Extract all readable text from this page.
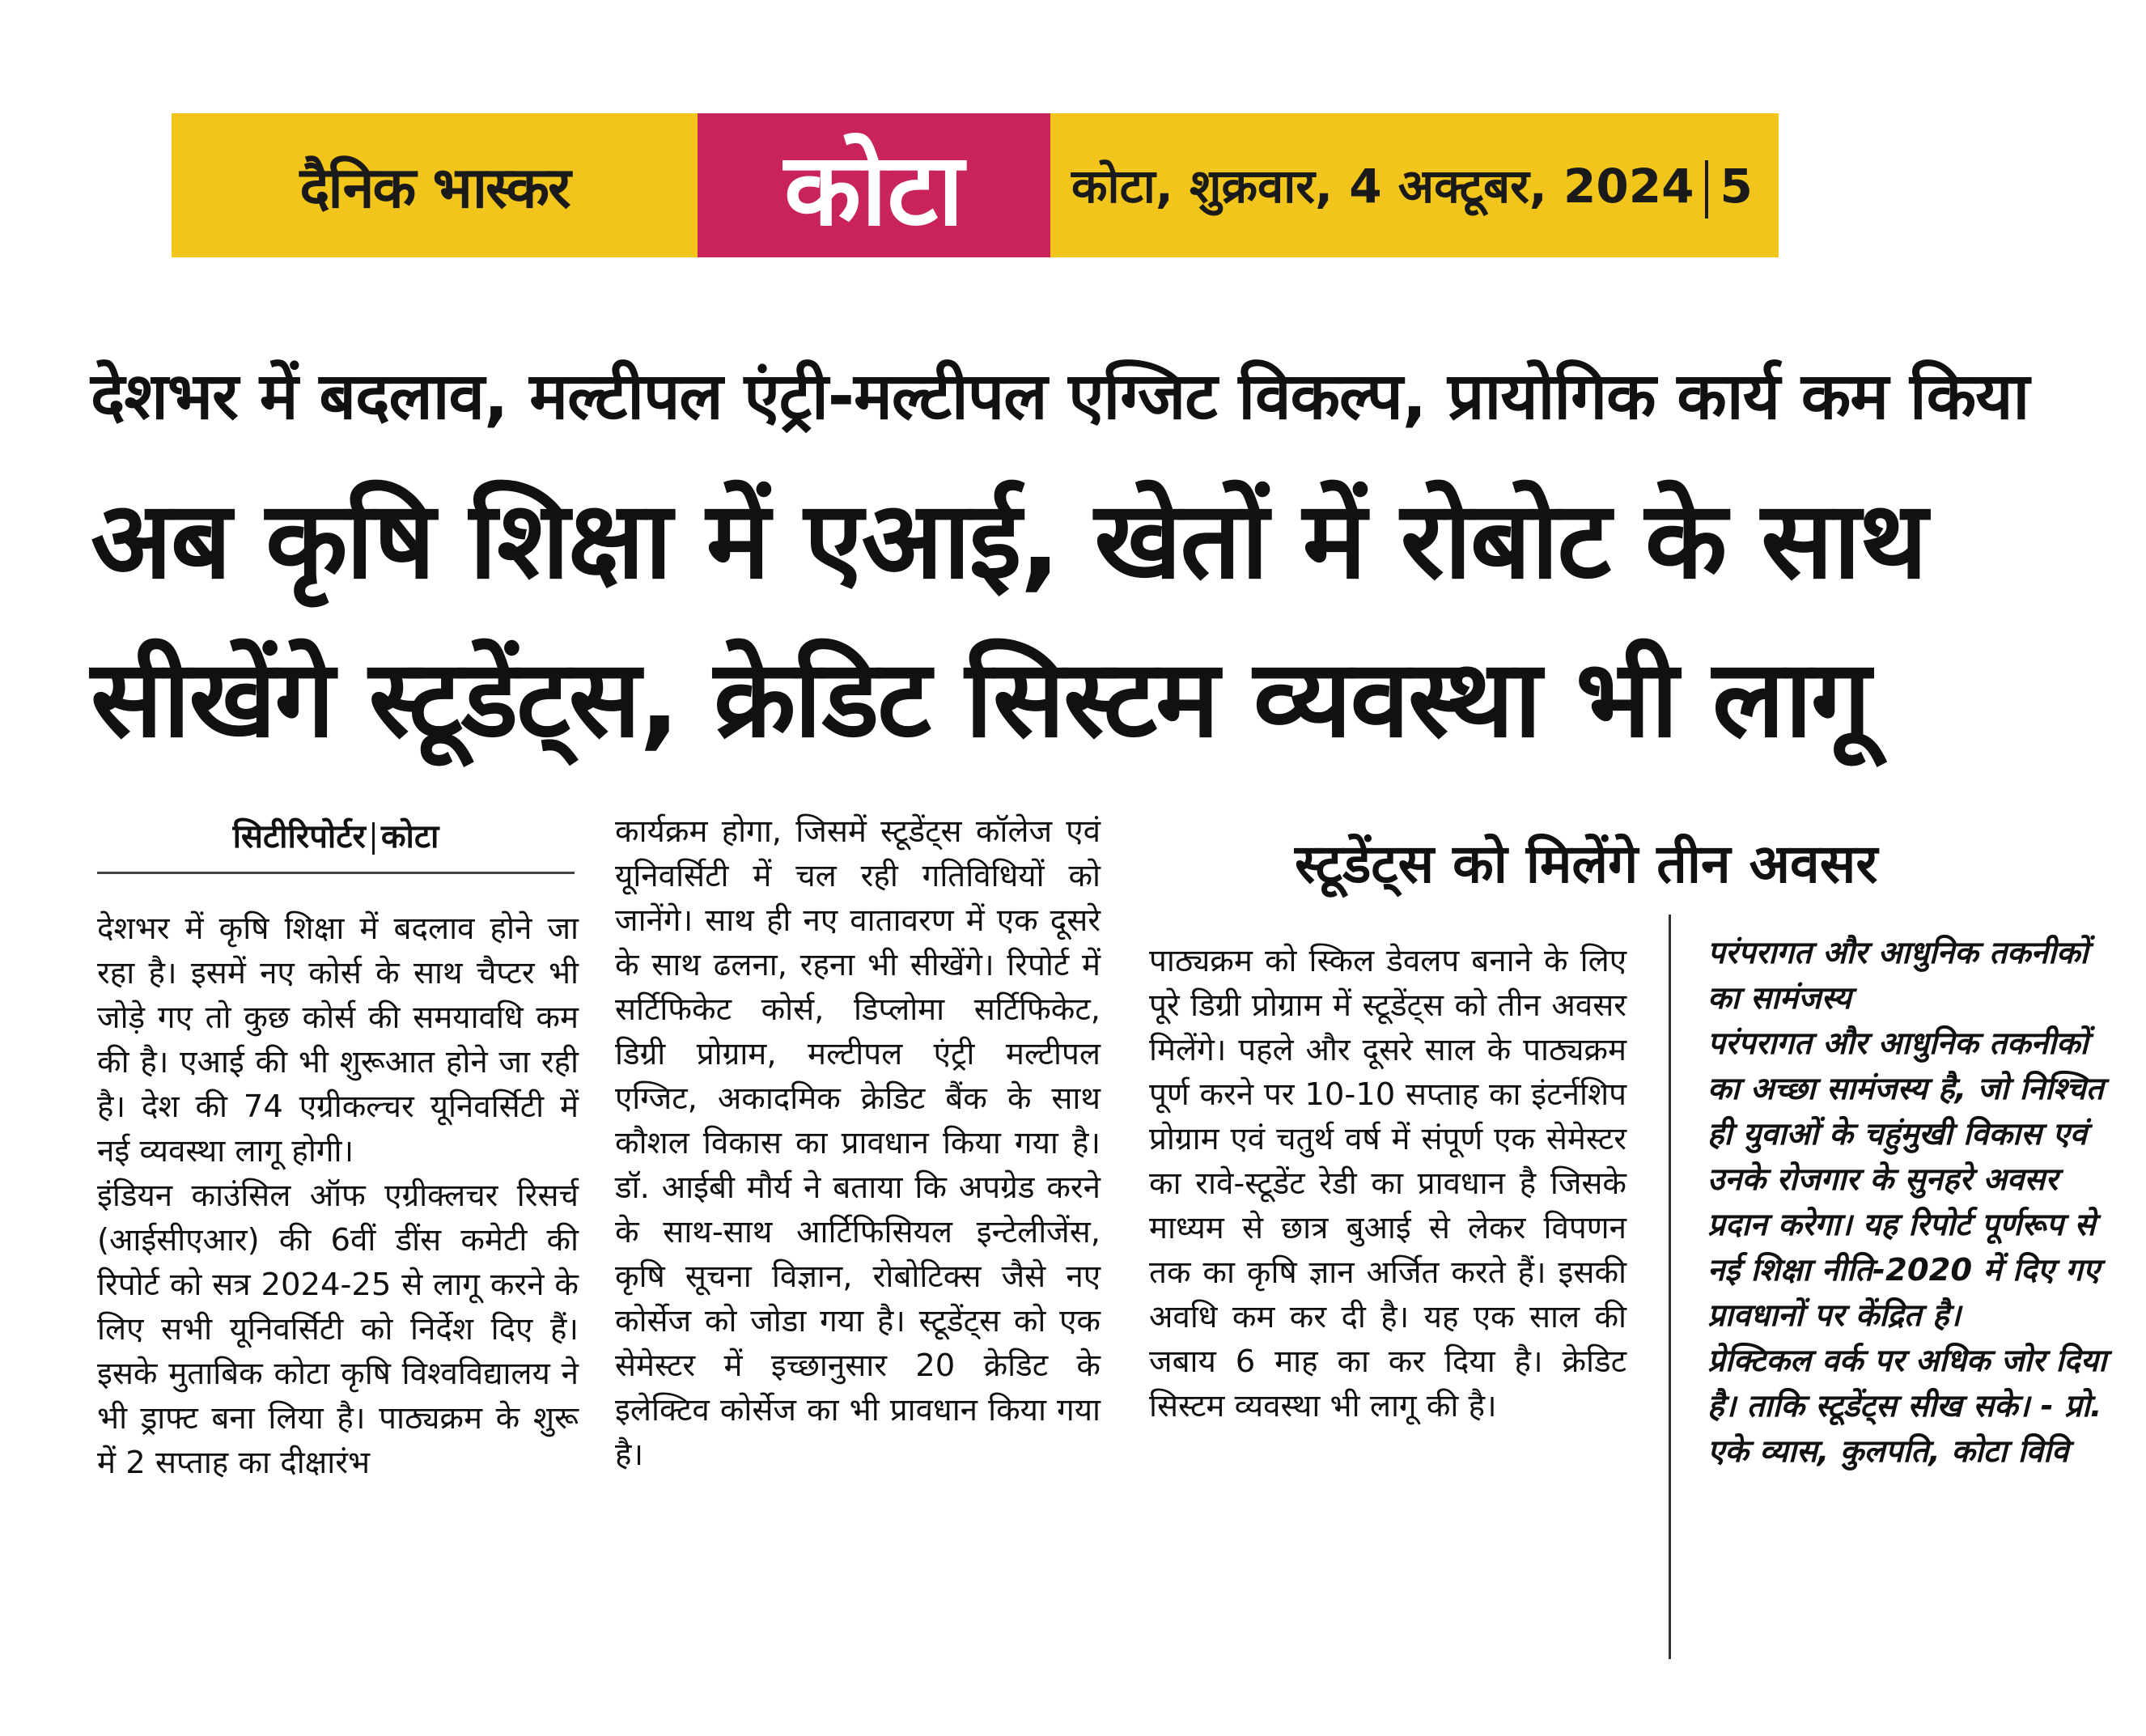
दैनिक भास्कर	कोटा	कोटा, शुक्रवार, 4 अक्टूबर, 2024 5
देशभर में बदलाव, मल्टीपल एंट्री-मल्टीपल एग्जिट विकल्प, प्रायोगिक कार्य कम किया
अब कृषि शिक्षा में एआई, खेतों में रोबोट के साथ
सीखेंगे स्टूडेंट्स, क्रेडिट सिस्टम व्यवस्था भी लागू
सिटीरिपोर्टर कोटा

देशभर में कृषि शिक्षा में बदलाव होने जा रहा है। इसमें नए कोर्स के साथ चैप्टर भी जोड़े गए तो कुछ कोर्स की समयावधि कम की है। एआई की भी शुरूआत होने जा रही है। देश की 74 एग्रीकल्चर यूनिवर्सिटी में नई व्यवस्था लागू होगी।

इंडियन काउंसिल ऑफ एग्रीक्लचर रिसर्च (आईसीएआर) की 6वीं डींस कमेटी की रिपोर्ट को सत्र 2024-25 से लागू करने के लिए सभी यूनिवर्सिटी को निर्देश दिए हैं। इसके मुताबिक कोटा कृषि विश्वविद्यालय ने भी ड्राफ्ट बना लिया है। पाठ्यक्रम के शुरू में 2 सप्ताह का दीक्षारंभ

कार्यक्रम होगा, जिसमें स्टूडेंट्स कॉलेज एवं यूनिवर्सिटी में चल रही गतिविधियों को जानेंगे। साथ ही नए वातावरण में एक दूसरे के साथ ढलना, रहना भी सीखेंगे। रिपोर्ट में सर्टिफिकेट कोर्स, डिप्लोमा सर्टिफिकेट, डिग्री प्रोग्राम, मल्टीपल एंट्री मल्टीपल एग्जिट, अकादमिक क्रेडिट बैंक के साथ कौशल विकास का प्रावधान किया गया है। डॉ. आईबी मौर्य ने बताया कि अपग्रेड करने के साथ-साथ आर्टिफिसियल इन्टेलीजेंस, कृषि सूचना विज्ञान, रोबोटिक्स जैसे नए कोर्सेज को जोडा गया है। स्टूडेंट्स को एक सेमेस्टर में इच्छानुसार 20 क्रेडिट के इलेक्टिव कोर्सेज का भी प्रावधान किया गया है।

स्टूडेंट्स को मिलेंगे तीन अवसर

पाठ्यक्रम को स्किल डेवलप बनाने के लिए पूरे डिग्री प्रोग्राम में स्टूडेंट्स को तीन अवसर मिलेंगे। पहले और दूसरे साल के पाठ्यक्रम पूर्ण करने पर 10-10 सप्ताह का इंटर्नशिप प्रोग्राम एवं चतुर्थ वर्ष में संपूर्ण एक सेमेस्टर का रावे-स्टूडेंट रेडी का प्रावधान है जिसके माध्यम से छात्र बुआई से लेकर विपणन तक का कृषि ज्ञान अर्जित करते हैं। इसकी अवधि कम कर दी है। यह एक साल की जबाय 6 माह का कर दिया है। क्रेडिट सिस्टम व्यवस्था भी लागू की है।

परंपरागत और आधुनिक तकनीकों का सामंजस्य

परंपरागत और आधुनिक तकनीकों का अच्छा सामंजस्य है, जो निश्चित ही युवाओं के चहुंमुखी विकास एवं उनके रोजगार के सुनहरे अवसर प्रदान करेगा। यह रिपोर्ट पूर्णरूप से नई शिक्षा नीति-2020 में दिए गए प्रावधानों पर केंद्रित है।

प्रेक्टिकल वर्क पर अधिक जोर दिया है। ताकि स्टूडेंट्स सीख सके। - प्रो. एके व्यास, कुलपति, कोटा विवि
